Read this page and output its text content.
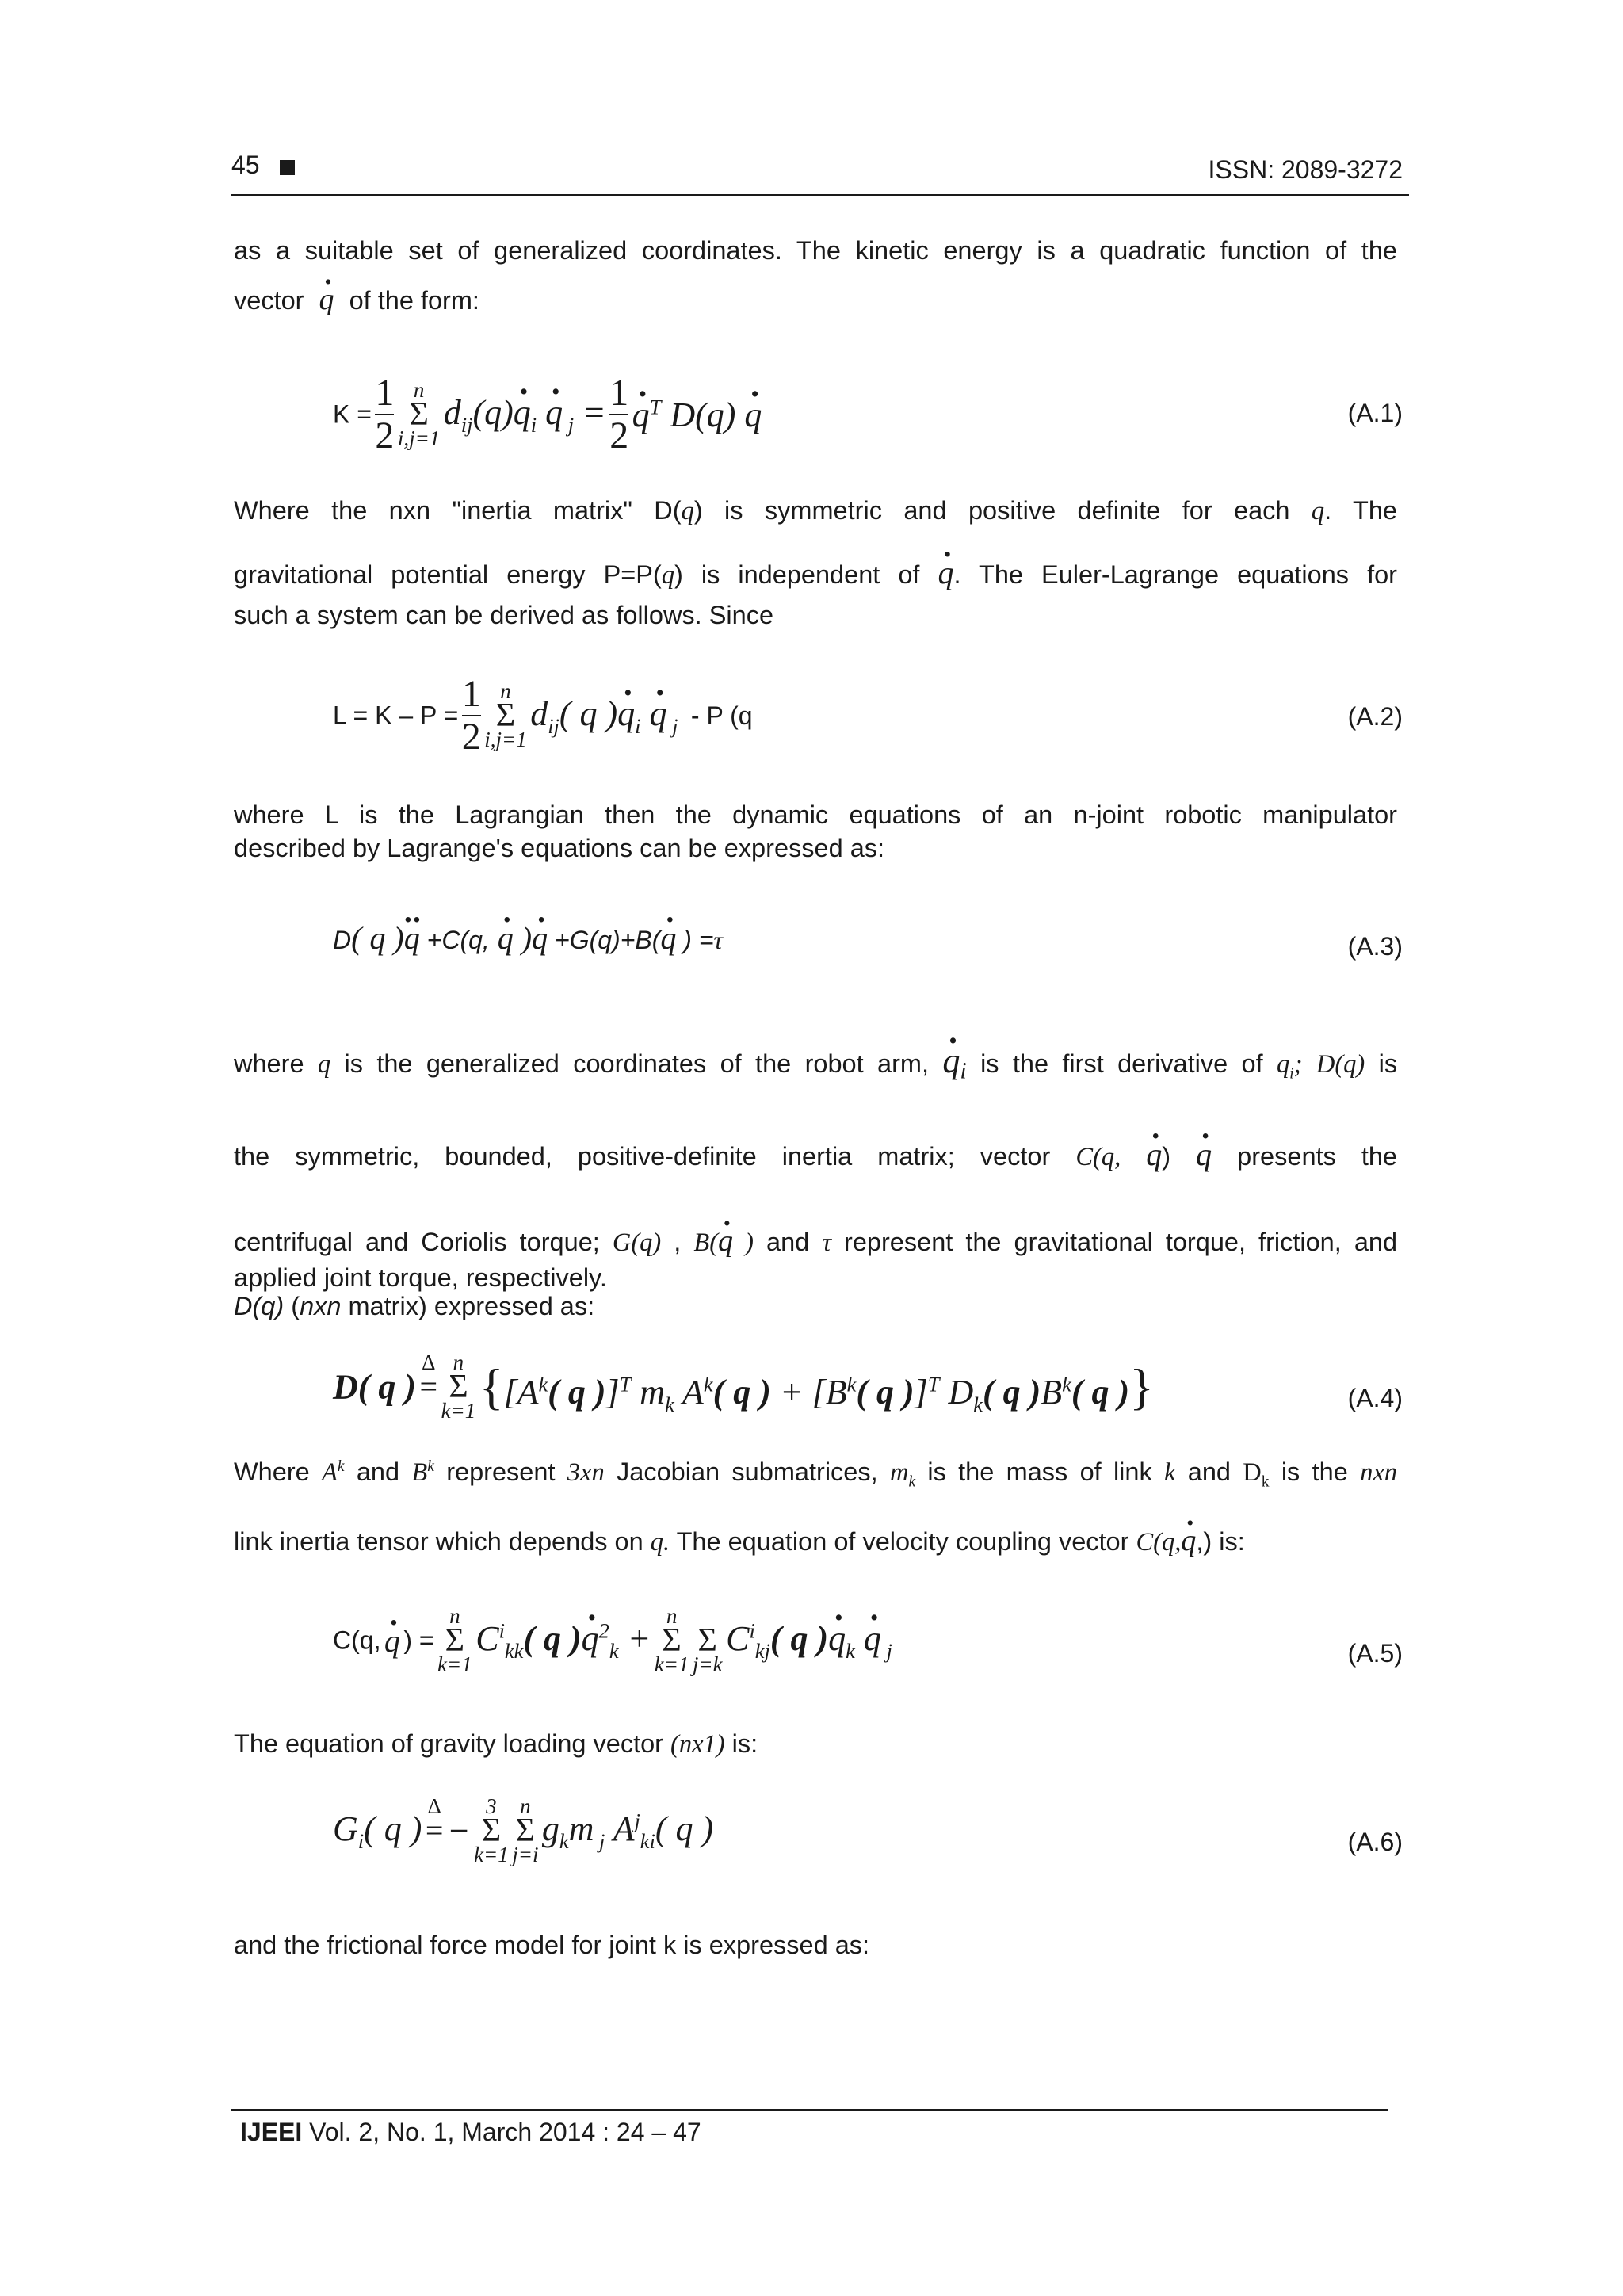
45	ISSN: 2089-3272
as a suitable set of generalized coordinates. The kinetic energy is a quadratic function of the
vector . q of the form:
$K = \frac{1}{2}$
n
Σ
i,j=1
$d_{ij}(q)$. $q_i$ . q $_j = \frac{1}{2}$ . $q^T$ D(q) . q	(A.1)
Where the nxn "inertia matrix" D(q) is symmetric and positive definite for each q. The
gravitational potential energy P=P(q) is independent of . q. The Euler-Lagrange equations for
such a system can be derived as follows. Since
$L = K - P = \frac{1}{2}$
n
Σ
i,j=1
$d_{ij}$( q ). $q_i$ . q $_j$ - P (q	(A.2)
where L is the Lagrangian then the dynamic equations of an n-joint robotic manipulator
described by Lagrange's equations can be expressed as:
D( q ).. q +C(q, . q ). q +G(q)+B(. q ) =τ	(A.3)
where q is the generalized coordinates of the robot arm, . $q_i$ is the first derivative of $q_i$; D(q) is
the symmetric, bounded, positive-definite inertia matrix; vector C(q, . q) . q presents the
centrifugal and Coriolis torque; G(q) , B(. q ) and τ represent the gravitational torque, friction, and
applied joint torque, respectively.
D(q) (nxn matrix) expressed as:
D( q )
Δ
=

n
Σ
k=1 {[$A^k$( q )]$^T$ $m_k$ $A^k$( q ) + [$B^k$( q )]$^T$ $D_k$( q )$B^k$( q )}	(A.4)
Where $A^k$ and $B^k$ represent 3xn Jacobian submatrices, $m_k$ is the mass of link k and $D_k$ is the nxn
link inertia tensor which depends on q. The equation of velocity coupling vector C(q,. q,) is:
C(q, . q ) =
n
Σ
k=1
$C^i_{kk}$( q ). $q^2_k$ +
n
Σ
k=1

Σ
j=k
$C^i_{kj}$( q ). $q_k$ . q $_j$	(A.5)
The equation of gravity loading vector (nx1) is:
$G_i$( q )
Δ
= −
3
Σ
k=1

n
Σ
j=i
$g_km$ $_j$ $A^j_{ki}$( q )	(A.6)
and the frictional force model for joint k is expressed as:
IJEEI Vol. 2, No. 1, March 2014 : 24 – 47
